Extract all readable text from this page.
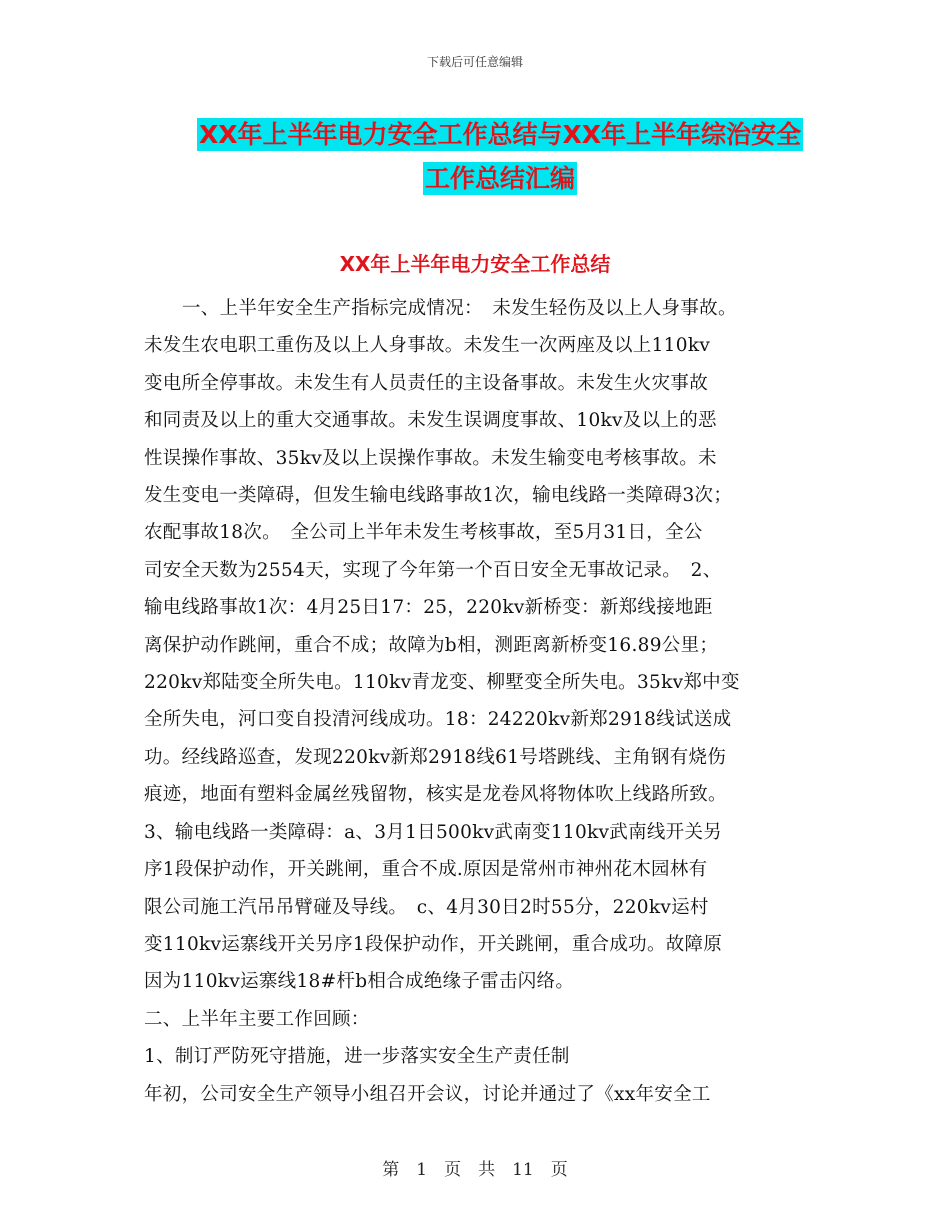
下载后可任意编辑
XX年上半年电力安全工作总结与XX年上半年综治安全
工作总结汇编
XX年上半年电力安全工作总结
一、上半年安全生产指标完成情况：　未发生轻伤及以上人身事故。
未发生农电职工重伤及以上人身事故。未发生一次两座及以上110kv
变电所全停事故。未发生有人员责任的主设备事故。未发生火灾事故
和同责及以上的重大交通事故。未发生误调度事故、10kv及以上的恶
性误操作事故、35kv及以上误操作事故。未发生输变电考核事故。未
发生变电一类障碍，但发生输电线路事故1次，输电线路一类障碍3次；
农配事故18次。　全公司上半年未发生考核事故，至5月31日，全公
司安全天数为2554天，实现了今年第一个百日安全无事故记录。　2、
输电线路事故1次：4月25日17：25，220kv新桥变：新郑线接地距
离保护动作跳闸，重合不成；故障为b相，测距离新桥变16.89公里；
220kv郑陆变全所失电。110kv青龙变、柳墅变全所失电。35kv郑中变
全所失电，河口变自投清河线成功。18：24220kv新郑2918线试送成
功。经线路巡查，发现220kv新郑2918线61号塔跳线、主角钢有烧伤
痕迹，地面有塑料金属丝残留物，核实是龙卷风将物体吹上线路所致。
3、输电线路一类障碍：a、3月1日500kv武南变110kv武南线开关另
序1段保护动作，开关跳闸，重合不成.原因是常州市神州花木园林有
限公司施工汽吊吊臂碰及导线。　c、4月30日2时55分，220kv运村
变110kv运寨线开关另序1段保护动作，开关跳闸，重合成功。故障原
因为110kv运寨线18#杆b相合成绝缘子雷击闪络。
二、上半年主要工作回顾：
1、制订严防死守措施，进一步落实安全生产责任制
年初，公司安全生产领导小组召开会议，讨论并通过了《xx年安全工
第　1　页　共　11　页
